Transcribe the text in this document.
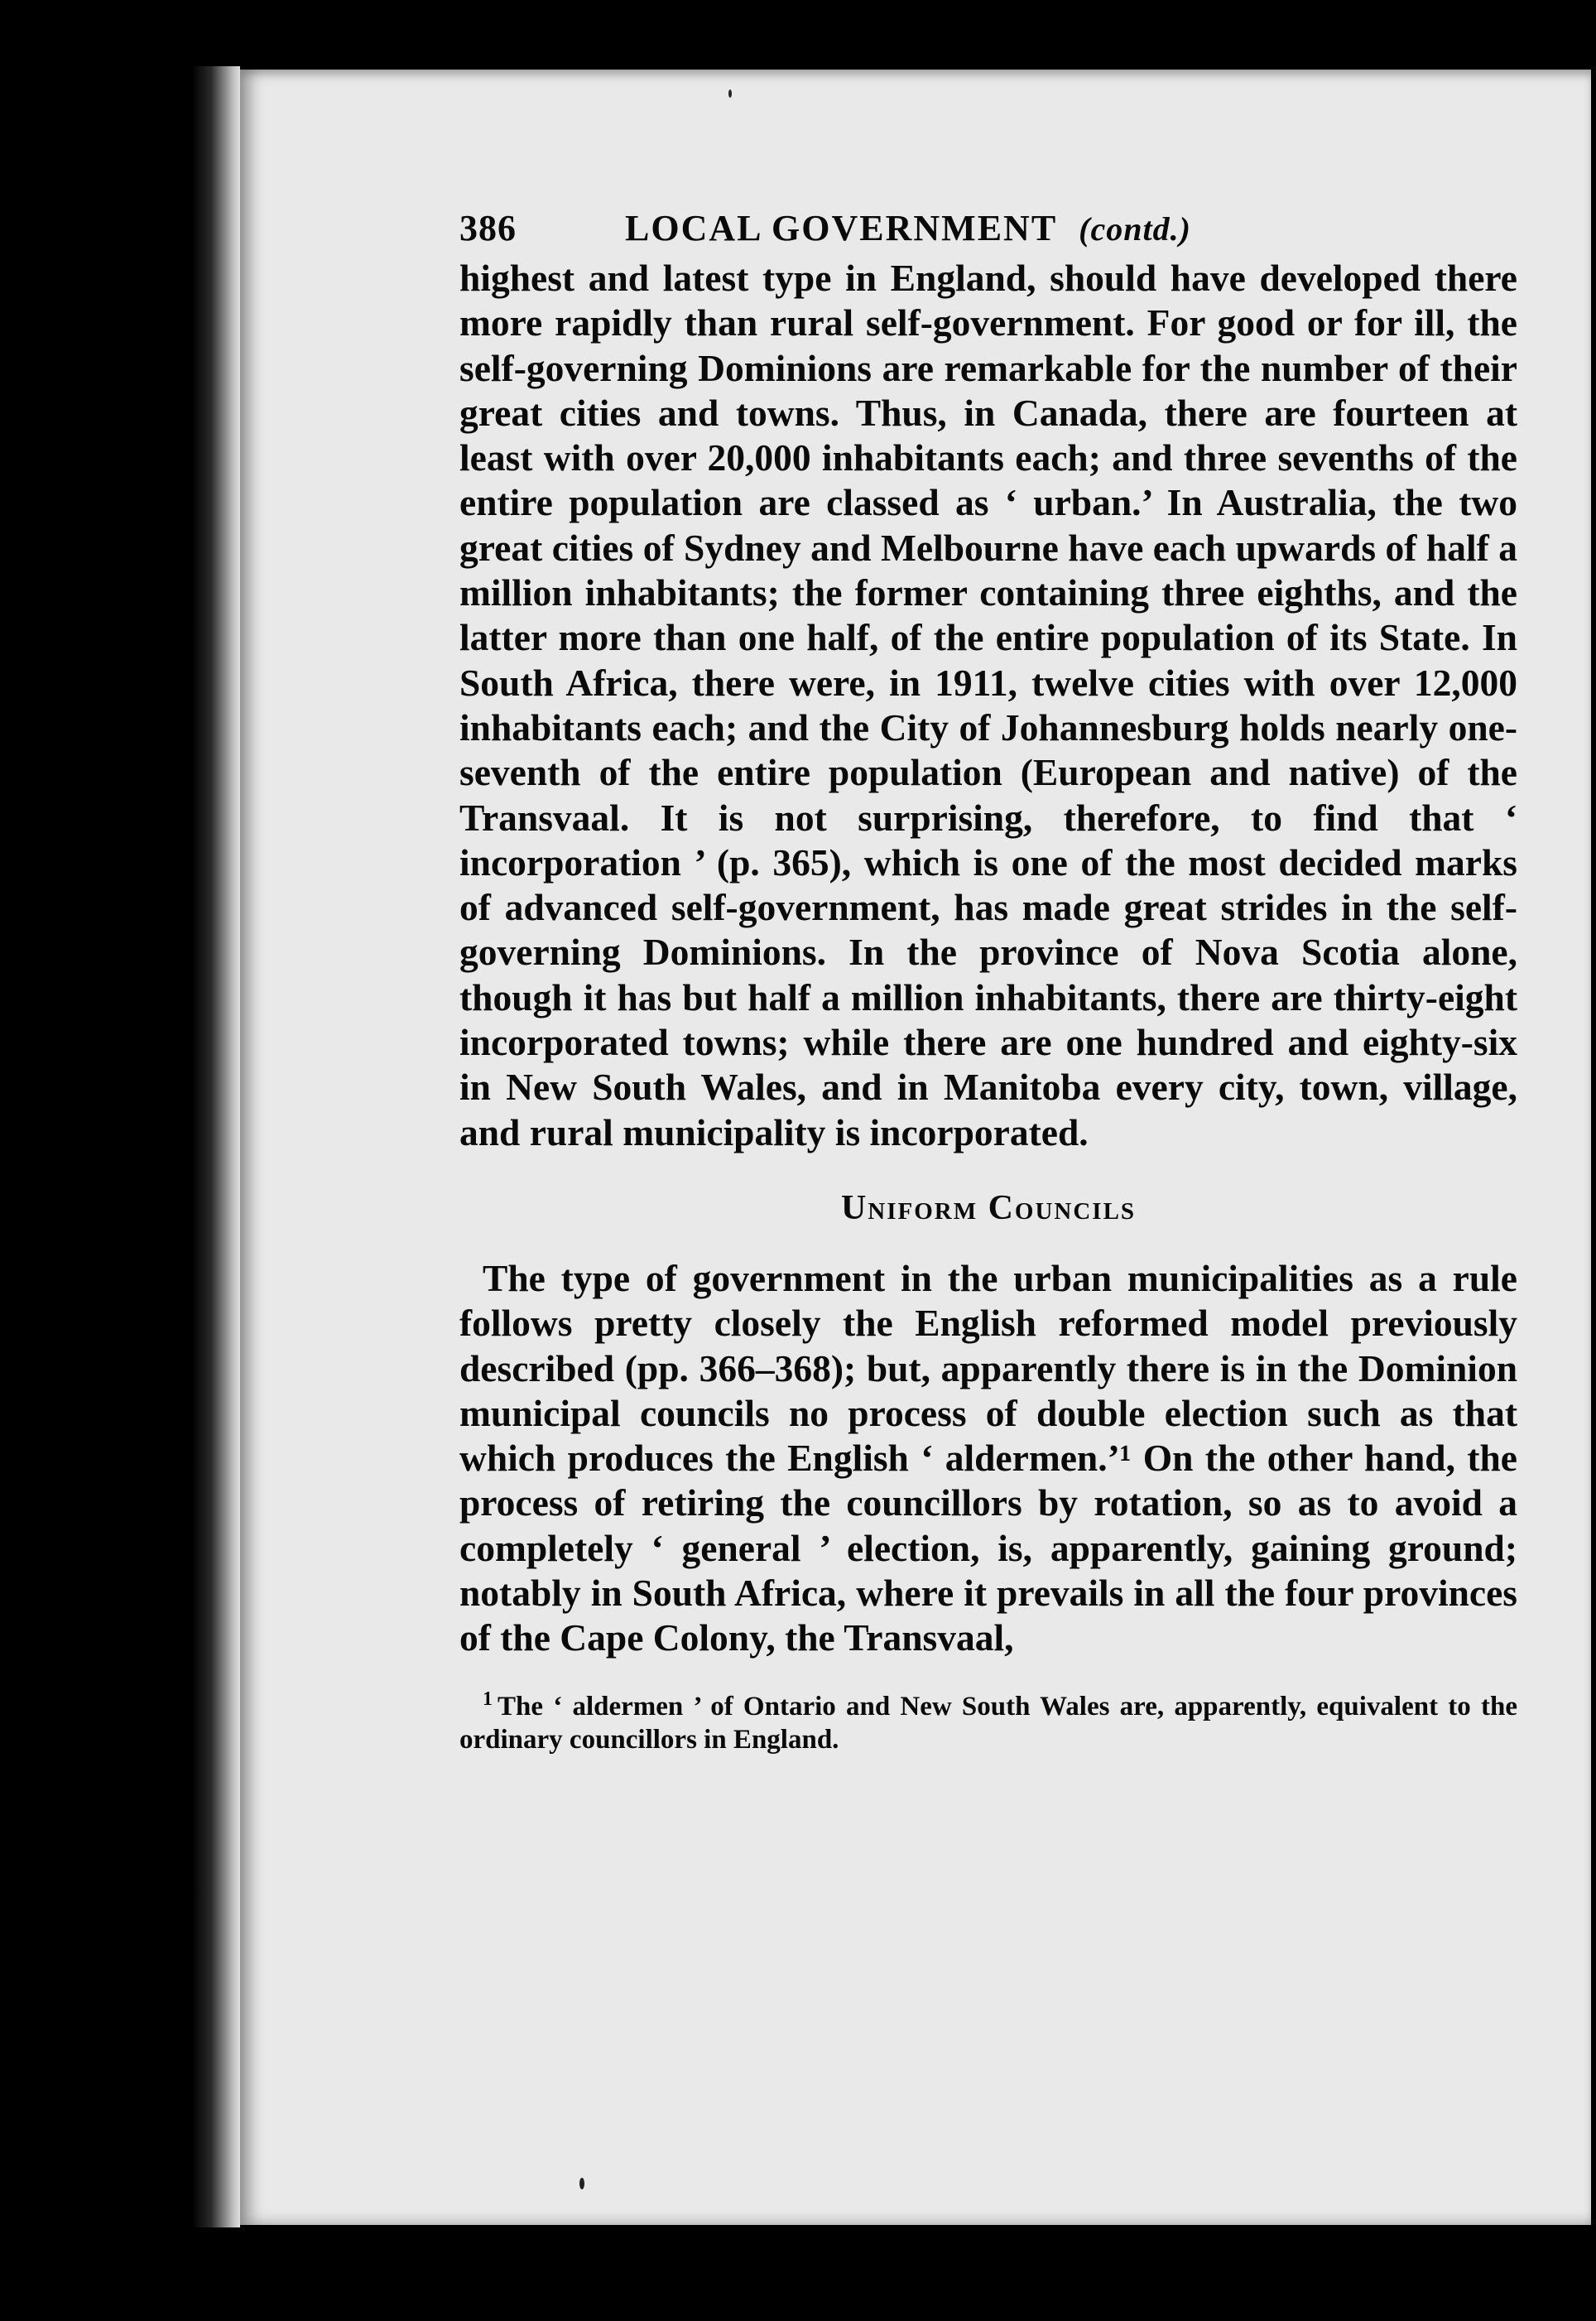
386	LOCAL GOVERNMENT (contd.)

highest and latest type in England, should have developed there more rapidly than rural self-government. For good or for ill, the self-governing Dominions are remarkable for the number of their great cities and towns. Thus, in Canada, there are fourteen at least with over 20,000 inhabitants each; and three sevenths of the entire population are classed as ‘ urban.’ In Australia, the two great cities of Sydney and Melbourne have each upwards of half a million inhabitants; the former containing three eighths, and the latter more than one half, of the entire population of its State. In South Africa, there were, in 1911, twelve cities with over 12,000 inhabitants each; and the City of Johannesburg holds nearly one-seventh of the entire population (European and native) of the Transvaal. It is not surprising, therefore, to find that ‘ incorporation ’ (p. 365), which is one of the most decided marks of advanced self-government, has made great strides in the self-governing Dominions. In the province of Nova Scotia alone, though it has but half a million inhabitants, there are thirty-eight incorporated towns; while there are one hundred and eighty-six in New South Wales, and in Manitoba every city, town, village, and rural municipality is incorporated.

Uniform Councils

The type of government in the urban municipalities as a rule follows pretty closely the English reformed model previously described (pp. 366–368); but, apparently there is in the Dominion municipal councils no process of double election such as that which produces the English ‘ aldermen.’¹ On the other hand, the process of retiring the councillors by rotation, so as to avoid a completely ‘ general ’ election, is, apparently, gaining ground; notably in South Africa, where it prevails in all the four provinces of the Cape Colony, the Transvaal,

$^1$ The ‘ aldermen ’ of Ontario and New South Wales are, apparently, equivalent to the ordinary councillors in England.
